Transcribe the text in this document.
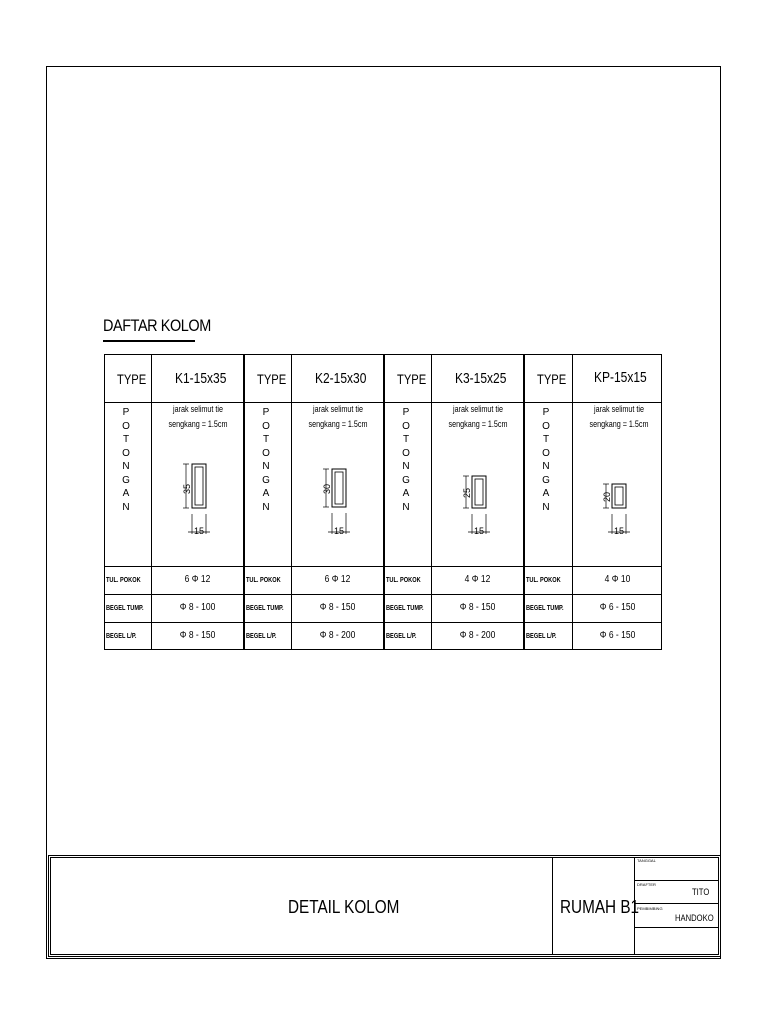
DAFTAR KOLOM
TYPE K1-15x35
POTONGAN
jarak selimut tie
sengkang = 1.5cm
35
15
TUL. POKOK
BEGEL TUMP.
BEGEL L/P.
6 Φ 12
Φ 8 - 100
Φ 8 - 150
TYPE K2-15x30
POTONGAN
jarak selimut tie
sengkang = 1.5cm
30
15
TUL. POKOK
BEGEL TUMP.
BEGEL L/P.
6 Φ 12
Φ 8 - 150
Φ 8 - 200
TYPE K3-15x25
POTONGAN
jarak selimut tie
sengkang = 1.5cm
25
15
TUL. POKOK
BEGEL TUMP.
BEGEL L/P.
4 Φ 12
Φ 8 - 150
Φ 8 - 200
TYPE KP-15x15
POTONGAN
jarak selimut tie
sengkang = 1.5cm
20
15
TUL. POKOK
BEGEL TUMP.
BEGEL L/P.
4 Φ 10
Φ 6 - 150
Φ 6 - 150
DETAIL KOLOM	RUMAH B1
TANGGAL
DRAFTER
PEMBIMBING
TITO
HANDOKO
